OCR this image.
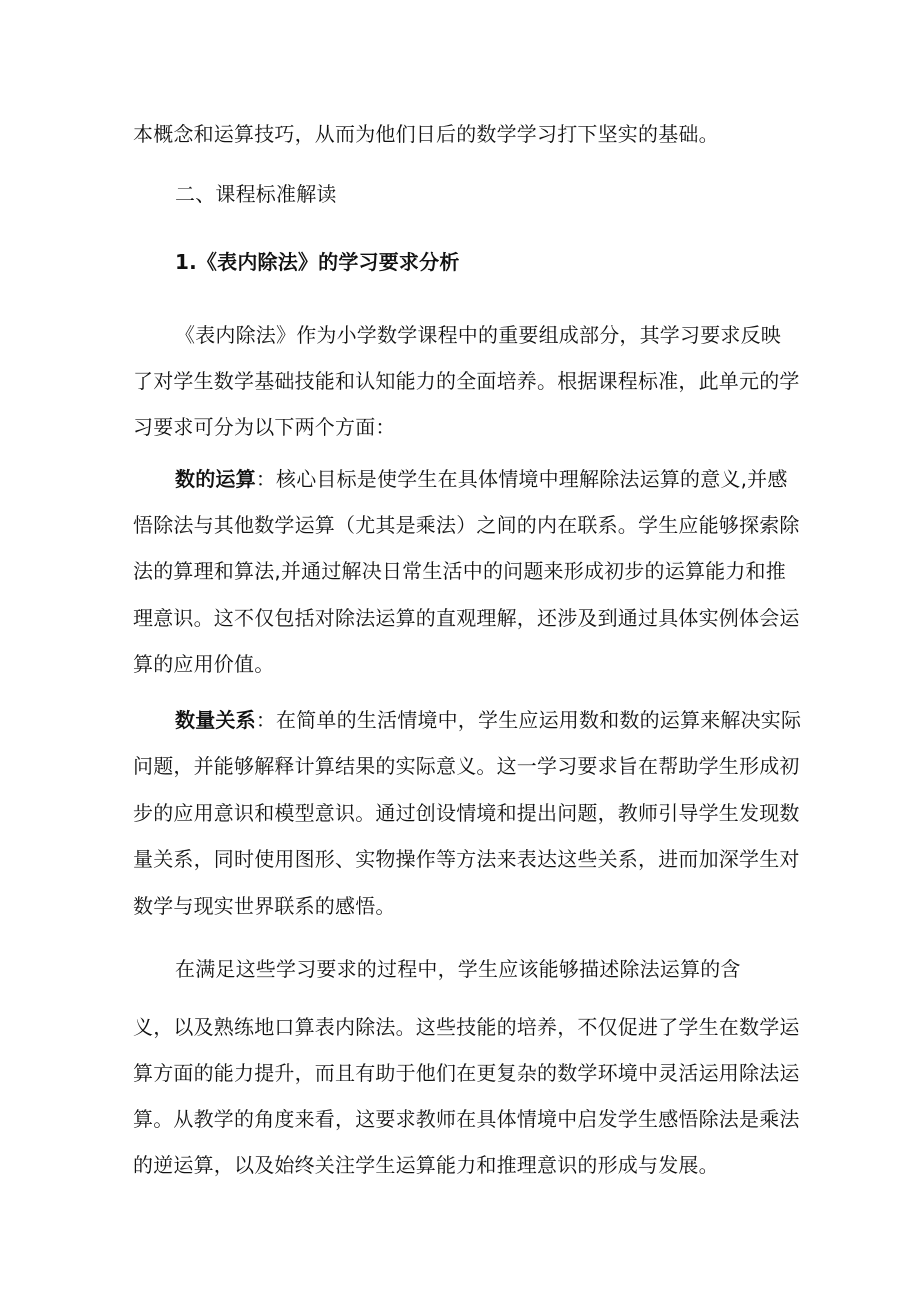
本概念和运算技巧，从而为他们日后的数学学习打下坚实的基础。
二、课程标准解读
1.《表内除法》的学习要求分析
《表内除法》作为小学数学课程中的重要组成部分，其学习要求反映
了对学生数学基础技能和认知能力的全面培养。根据课程标准，此单元的学
习要求可分为以下两个方面：
数的运算：核心目标是使学生在具体情境中理解除法运算的意义,并感
悟除法与其他数学运算（尤其是乘法）之间的内在联系。学生应能够探索除
法的算理和算法,并通过解决日常生活中的问题来形成初步的运算能力和推
理意识。这不仅包括对除法运算的直观理解，还涉及到通过具体实例体会运
算的应用价值。
数量关系：在简单的生活情境中，学生应运用数和数的运算来解决实际
问题，并能够解释计算结果的实际意义。这一学习要求旨在帮助学生形成初
步的应用意识和模型意识。通过创设情境和提出问题，教师引导学生发现数
量关系，同时使用图形、实物操作等方法来表达这些关系，进而加深学生对
数学与现实世界联系的感悟。
在满足这些学习要求的过程中，学生应该能够描述除法运算的含
义，以及熟练地口算表内除法。这些技能的培养，不仅促进了学生在数学运
算方面的能力提升，而且有助于他们在更复杂的数学环境中灵活运用除法运
算。从教学的角度来看，这要求教师在具体情境中启发学生感悟除法是乘法
的逆运算，以及始终关注学生运算能力和推理意识的形成与发展。
